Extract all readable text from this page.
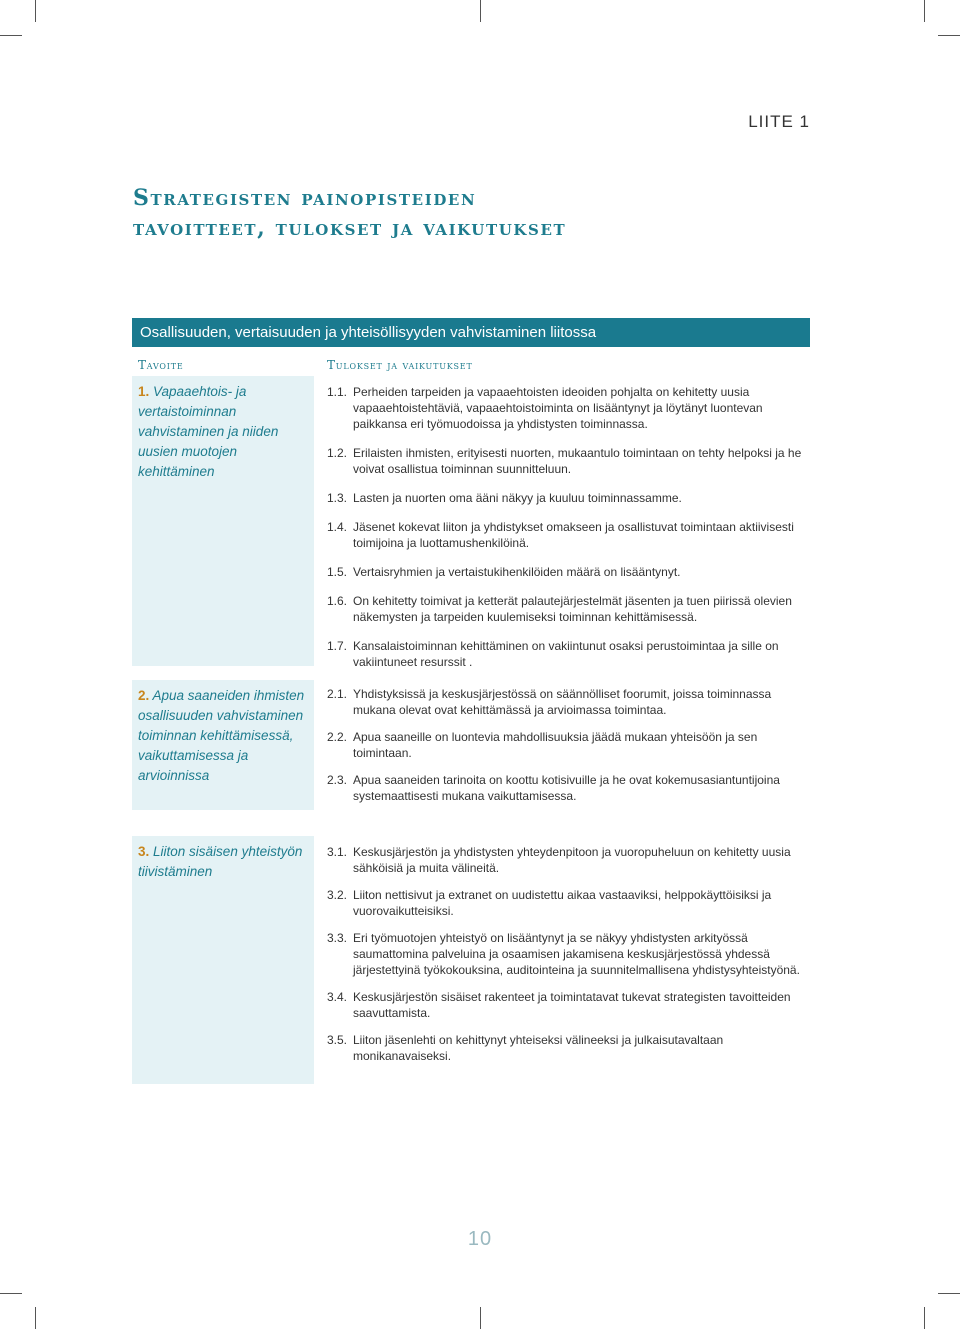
LIITE 1
Strategisten painopisteiden
tavoitteet, tulokset ja vaikutukset
Osallisuuden, vertaisuuden ja yhteisöllisyyden vahvistaminen liitossa
Tavoite	Tulokset ja vaikutukset
1. Vapaaehtois- ja vertaistoiminnan vahvistaminen ja niiden uusien muotojen kehittäminen
1.1. Perheiden tarpeiden ja vapaaehtoisten ideoiden pohjalta on kehitetty uusia vapaaehtoistehtäviä, vapaaehtoistoiminta on lisääntynyt ja löytänyt luontevan paikkansa eri työmuodoissa ja yhdistysten toiminnassa.
1.2. Erilaisten ihmisten, erityisesti nuorten, mukaantulo toimintaan on tehty helpoksi ja he voivat osallistua toiminnan suunnitteluun.
1.3. Lasten ja nuorten oma ääni näkyy ja kuuluu toiminnassamme.
1.4. Jäsenet kokevat liiton ja yhdistykset omakseen ja osallistuvat toimintaan aktiivisesti toimijoina ja luottamushenkilöinä.
1.5. Vertaisryhmien ja vertaistukihenkilöiden määrä on lisääntynyt.
1.6. On kehitetty toimivat ja ketterät palautejärjestelmät jäsenten ja tuen piirissä olevien näkemysten ja tarpeiden kuulemiseksi toiminnan kehittämisessä.
1.7. Kansalaistoiminnan kehittäminen on vakiintunut osaksi perustoimintaa ja sille on vakiintuneet resurssit .
2. Apua saaneiden ihmisten osallisuuden vahvistaminen toiminnan kehittämisessä, vaikuttamisessa ja arvioinnissa
2.1. Yhdistyksissä ja keskusjärjestössä on säännölliset foorumit, joissa toiminnassa mukana olevat ovat kehittämässä ja arvioimassa toimintaa.
2.2. Apua saaneille on luontevia mahdollisuuksia jäädä mukaan yhteisöön ja sen toimintaan.
2.3. Apua saaneiden tarinoita on koottu kotisivuille ja he ovat kokemusasiantuntijoina systemaattisesti mukana vaikuttamisessa.
3. Liiton sisäisen yhteistyön tiivistäminen
3.1. Keskusjärjestön ja yhdistysten yhteydenpitoon ja vuoropuheluun on kehitetty uusia sähköisiä ja muita välineitä.
3.2. Liiton nettisivut ja extranet on uudistettu aikaa vastaaviksi, helppokäyttöisiksi ja vuorovaikutteisiksi.
3.3. Eri työmuotojen yhteistyö on lisääntynyt ja se näkyy yhdistysten arkityössä saumattomina palveluina ja osaamisen jakamisena keskusjärjestössä yhdessä järjestettyinä työkokouksina, auditointeina ja suunnitelmallisena yhdistysyhteistyönä.
3.4. Keskusjärjestön sisäiset rakenteet ja toimintatavat tukevat strategisten tavoitteiden saavuttamista.
3.5. Liiton jäsenlehti on kehittynyt yhteiseksi välineeksi ja julkaisutavaltaan monikanavaiseksi.
10
